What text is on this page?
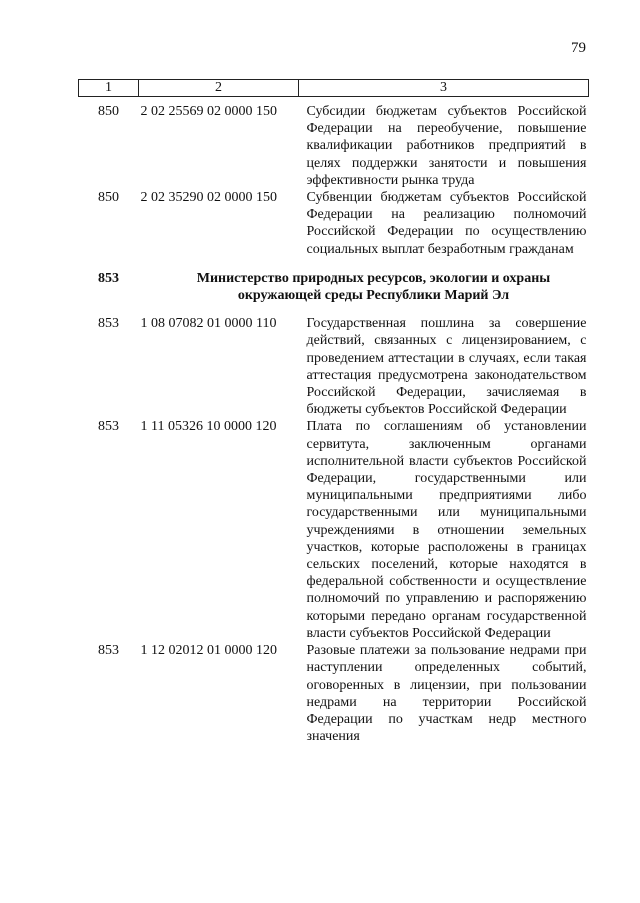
79
1	2	3
850	2 02 25569 02 0000 150	Субсидии бюджетам субъектов Российской Федерации на переобучение, повышение квалификации работников предприятий в целях поддержки занятости и повышения эффективности рынка труда
850	2 02 35290 02 0000 150	Субвенции бюджетам субъектов Российской Федерации на реализацию полномочий Российской Федерации по осуществлению социальных выплат безработным гражданам
853	Министерство природных ресурсов, экологии и охраны окружающей среды Республики Марий Эл	
853	1 08 07082 01 0000 110	Государственная пошлина за совершение действий, связанных с лицензированием, с проведением аттестации в случаях, если такая аттестация предусмотрена законодательством Российской Федерации, зачисляемая в бюджеты субъектов Российской Федерации
853	1 11 05326 10 0000 120	Плата по соглашениям об установлении сервитута, заключенным органами исполнительной власти субъектов Российской Федерации, государственными или муниципальными предприятиями либо государственными или муниципальными учреждениями в отношении земельных участков, которые расположены в границах сельских поселений, которые находятся в федеральной собственности и осуществление полномочий по управлению и распоряжению которыми передано органам государственной власти субъектов Российской Федерации
853	1 12 02012 01 0000 120	Разовые платежи за пользование недрами при наступлении определенных событий, оговоренных в лицензии, при пользовании недрами на территории Российской Федерации по участкам недр местного значения
